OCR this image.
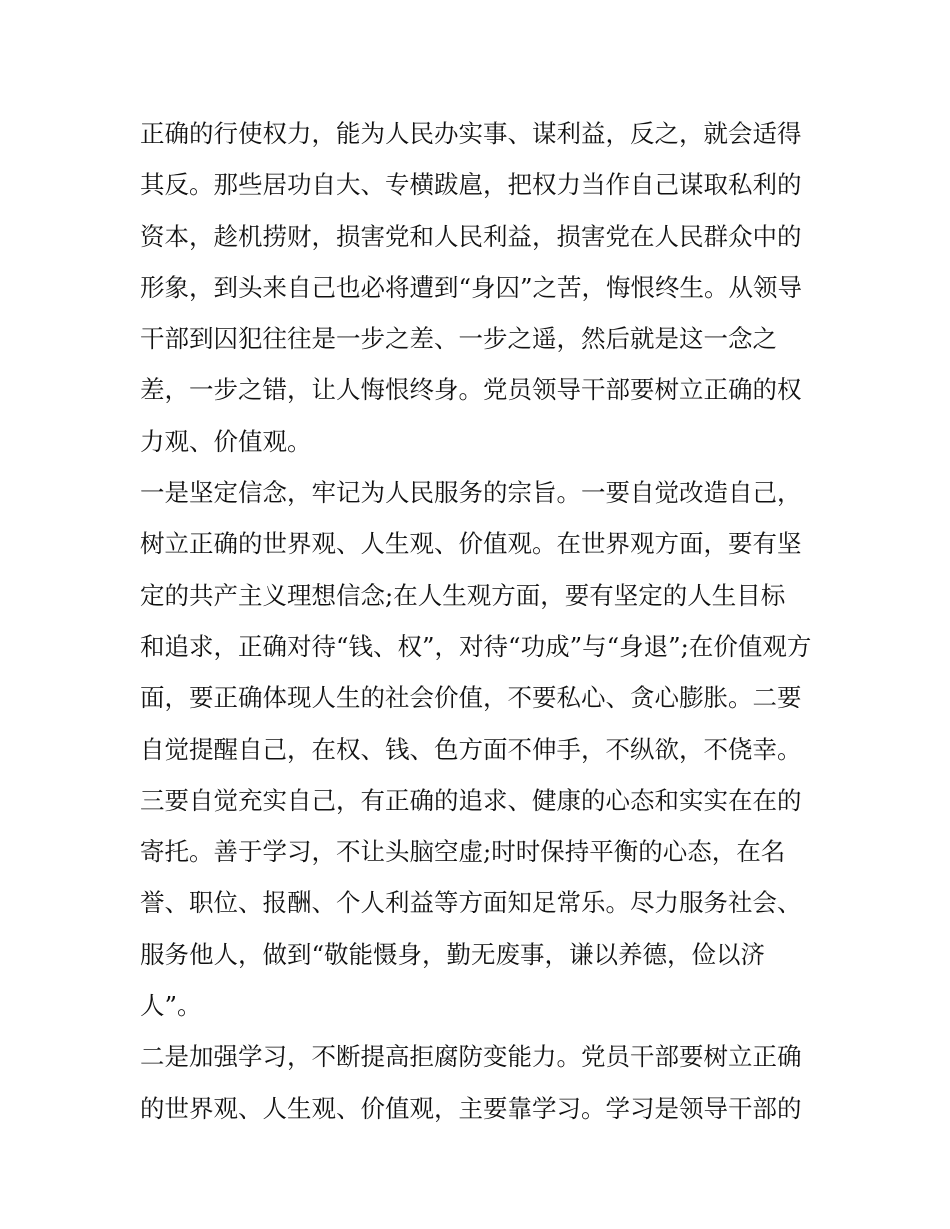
正确的行使权力，能为人民办实事、谋利益，反之，就会适得
其反。那些居功自大、专横跋扈，把权力当作自己谋取私利的
资本，趁机捞财，损害党和人民利益，损害党在人民群众中的
形象，到头来自己也必将遭到“身囚”之苦，悔恨终生。从领导
干部到囚犯往往是一步之差、一步之遥，然后就是这一念之
差，一步之错，让人悔恨终身。党员领导干部要树立正确的权
力观、价值观。
一是坚定信念，牢记为人民服务的宗旨。一要自觉改造自己，
树立正确的世界观、人生观、价值观。在世界观方面，要有坚
定的共产主义理想信念;在人生观方面，要有坚定的人生目标
和追求，正确对待“钱、权”，对待“功成”与“身退”;在价值观方
面，要正确体现人生的社会价值，不要私心、贪心膨胀。二要
自觉提醒自己，在权、钱、色方面不伸手，不纵欲，不侥幸。
三要自觉充实自己，有正确的追求、健康的心态和实实在在的
寄托。善于学习，不让头脑空虚;时时保持平衡的心态，在名
誉、职位、报酬、个人利益等方面知足常乐。尽力服务社会、
服务他人，做到“敬能慑身，勤无废事，谦以养德，俭以济
人”。
二是加强学习，不断提高拒腐防变能力。党员干部要树立正确
的世界观、人生观、价值观，主要靠学习。学习是领导干部的
